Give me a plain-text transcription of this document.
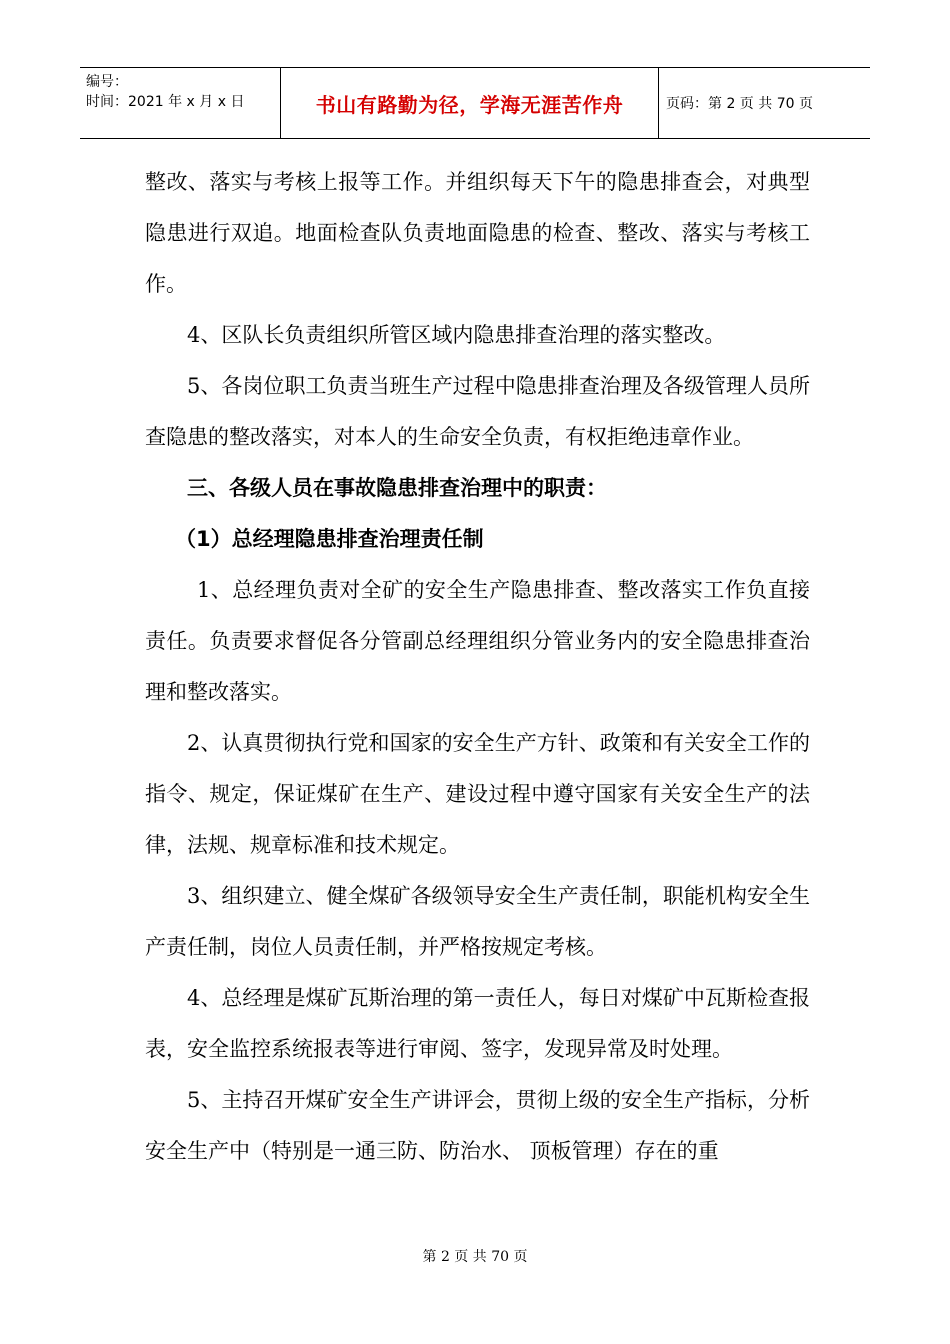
编号：
时间：2021 年 x 月 x 日	书山有路勤为径，学海无涯苦作舟	页码：第 2 页 共 70 页

整改、落实与考核上报等工作。并组织每天下午的隐患排查会，对典型隐患进行双追。地面检查队负责地面隐患的检查、整改、落实与考核工作。

4、区队长负责组织所管区域内隐患排查治理的落实整改。

5、各岗位职工负责当班生产过程中隐患排查治理及各级管理人员所查隐患的整改落实，对本人的生命安全负责，有权拒绝违章作业。

三、各级人员在事故隐患排查治理中的职责：

（1）总经理隐患排查治理责任制

1、总经理负责对全矿的安全生产隐患排查、整改落实工作负直接责任。负责要求督促各分管副总经理组织分管业务内的安全隐患排查治理和整改落实。

2、认真贯彻执行党和国家的安全生产方针、政策和有关安全工作的指令、规定，保证煤矿在生产、建设过程中遵守国家有关安全生产的法律，法规、规章标准和技术规定。

3、组织建立、健全煤矿各级领导安全生产责任制，职能机构安全生产责任制，岗位人员责任制，并严格按规定考核。

4、总经理是煤矿瓦斯治理的第一责任人，每日对煤矿中瓦斯检查报表，安全监控系统报表等进行审阅、签字，发现异常及时处理。

5、主持召开煤矿安全生产讲评会，贯彻上级的安全生产指标，分析安全生产中（特别是一通三防、防治水、 顶板管理）存在的重

第 2 页 共 70 页
